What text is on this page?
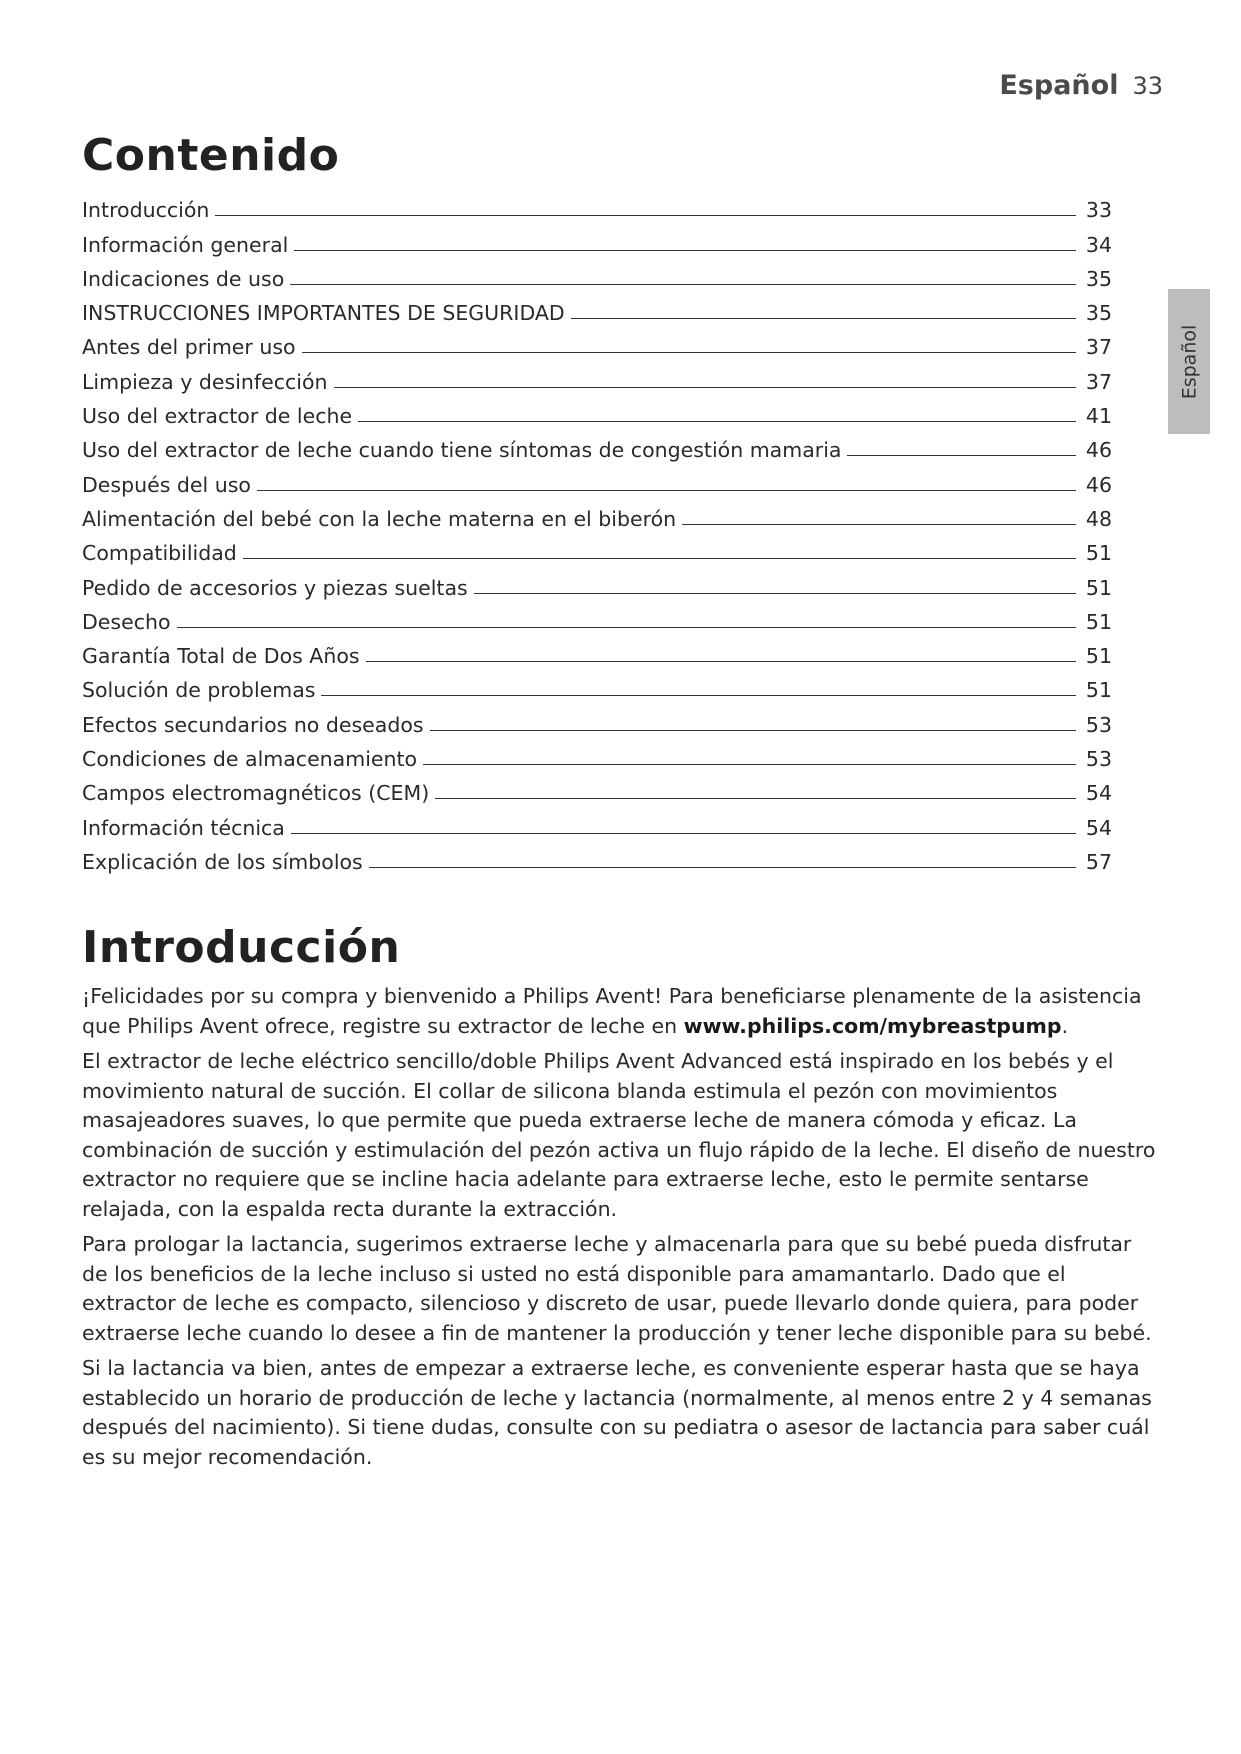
Español 33
Español
Contenido
Introducción	33
Información general	34
Indicaciones de uso	35
INSTRUCCIONES IMPORTANTES DE SEGURIDAD	35
Antes del primer uso	37
Limpieza y desinfección	37
Uso del extractor de leche	41
Uso del extractor de leche cuando tiene síntomas de congestión mamaria	46
Después del uso	46
Alimentación del bebé con la leche materna en el biberón	48
Compatibilidad	51
Pedido de accesorios y piezas sueltas	51
Desecho	51
Garantía Total de Dos Años	51
Solución de problemas	51
Efectos secundarios no deseados	53
Condiciones de almacenamiento	53
Campos electromagnéticos (CEM)	54
Información técnica	54
Explicación de los símbolos	57
Introducción

¡Felicidades por su compra y bienvenido a Philips Avent! Para beneficiarse plenamente de la asistencia que Philips Avent ofrece, registre su extractor de leche en www.philips.com/mybreastpump.

El extractor de leche eléctrico sencillo/doble Philips Avent Advanced está inspirado en los bebés y el movimiento natural de succión. El collar de silicona blanda estimula el pezón con movimientos masajeadores suaves, lo que permite que pueda extraerse leche de manera cómoda y eficaz. La combinación de succión y estimulación del pezón activa un flujo rápido de la leche. El diseño de nuestro extractor no requiere que se incline hacia adelante para extraerse leche, esto le permite sentarse relajada, con la espalda recta durante la extracción.

Para prologar la lactancia, sugerimos extraerse leche y almacenarla para que su bebé pueda disfrutar de los beneficios de la leche incluso si usted no está disponible para amamantarlo. Dado que el extractor de leche es compacto, silencioso y discreto de usar, puede llevarlo donde quiera, para poder extraerse leche cuando lo desee a fin de mantener la producción y tener leche disponible para su bebé.

Si la lactancia va bien, antes de empezar a extraerse leche, es conveniente esperar hasta que se haya establecido un horario de producción de leche y lactancia (normalmente, al menos entre 2 y 4 semanas después del nacimiento). Si tiene dudas, consulte con su pediatra o asesor de lactancia para saber cuál es su mejor recomendación.
